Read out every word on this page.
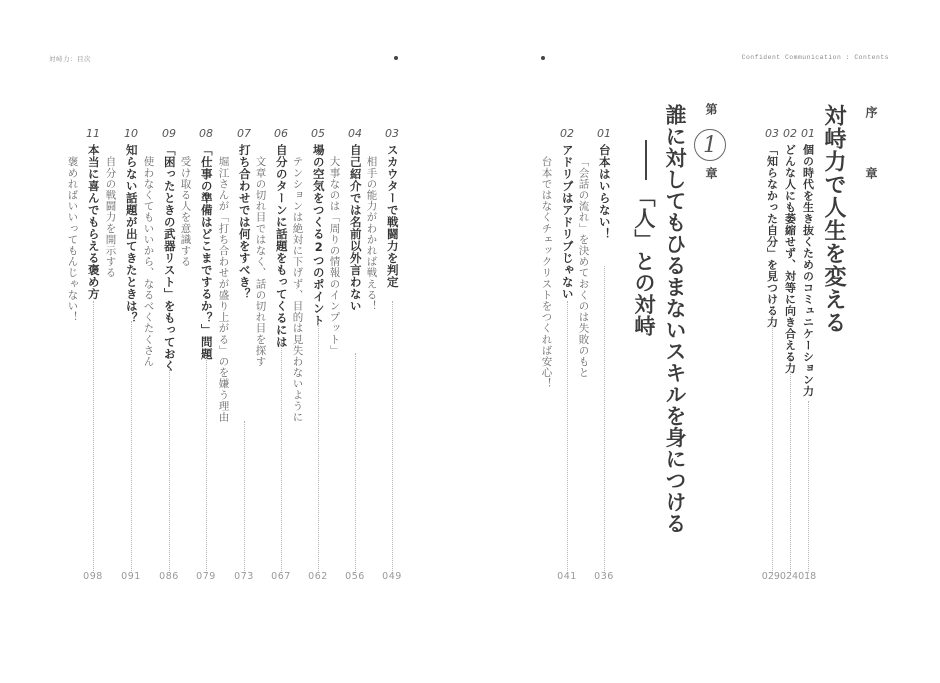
対峙力：目次
03
スカウターで戦闘力を判定
相手の能力がわかれば戦える！
049
04
自己紹介では名前以外言わない
大事なのは「周りの情報のインプット」
056
05
場の空気をつくる2つのポイント
テンションは絶対に下げず、目的は見失わないように
062
06
自分のターンに話題をもってくるには
文章の切れ目ではなく、話の切れ目を探す
067
07
打ち合わせでは何をすべき？
堀江さんが「打ち合わせが盛り上がる」のを嫌う理由
073
08
「仕事の準備はどこまでするか？」問題
受け取る人を意識する
079
09
「困ったときの武器リスト」をもっておく
使わなくてもいいから、なるべくたくさん
086
10
知らない話題が出てきたときは？
自分の戦闘力を開示する
091
11
本当に喜んでもらえる褒め方
褒めればいいってもんじゃない！
098
Confident Communication : Contents
序
章
対峙力で人生を変える
01
個の時代を生き抜くためのコミュニケーション力
02
どんな人にも萎縮せず、対等に向き合える力
03
「知らなかった自分」を見つける力
029024018
第
1
章
誰に対してもひるまないスキルを身につける
「人」との対峙
01
台本はいらない！
「会話の流れ」を決めておくのは失敗のもと
036
02
アドリブはアドリブじゃない
台本ではなくチェックリストをつくれば安心！
041
